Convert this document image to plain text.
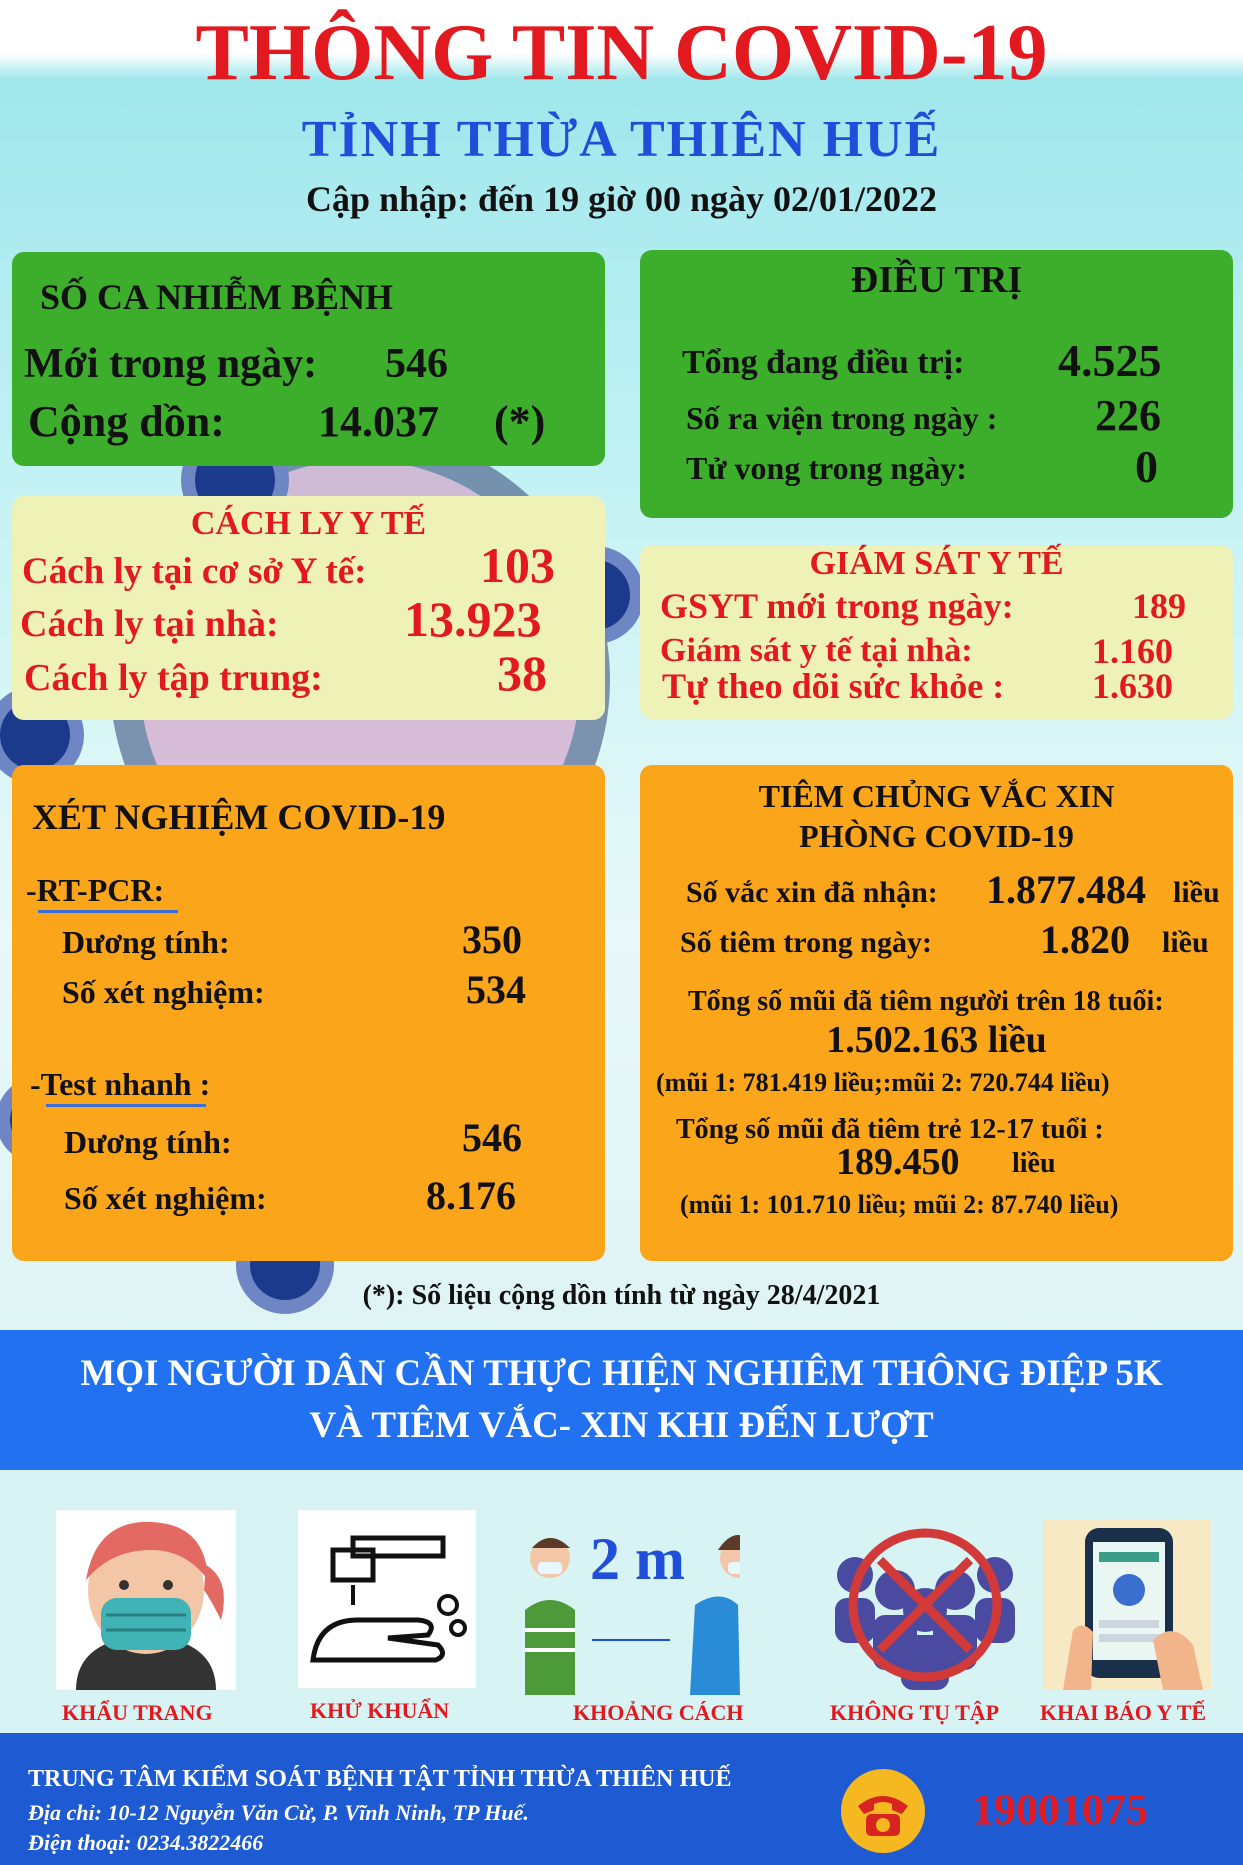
THÔNG TIN COVID-19
TỈNH THỪA THIÊN HUẾ
Cập nhập: đến 19 giờ 00 ngày 02/01/2022
SỐ CA NHIỄM BỆNH
Mới trong ngày: 546
Cộng dồn: 14.037 (*)
ĐIỀU TRỊ
Tổng đang điều trị: 4.525
Số ra viện trong ngày : 226
Tử vong trong ngày:	0
CÁCH LY Y TẾ
Cách ly tại cơ sở Y tế: 103
Cách ly tại nhà:	13.923
Cách ly tập trung:	38
GIÁM SÁT Y TẾ
GSYT mới trong ngày:	189
Giám sát y tế tại nhà:	1.160
Tự theo dõi sức khỏe : 1.630
XÉT NGHIỆM COVID-19
-RT-PCR:
Dương tính:	350
Số xét nghiệm:	534
-Test nhanh :
Dương tính:	546
Số xét nghiệm:	8.176
TIÊM CHỦNG VẮC XIN
PHÒNG COVID-19
Số vắc xin đã nhận: 1.877.484 liều
Số tiêm trong ngày:	1.820 liều
Tổng số mũi đã tiêm người trên 18 tuổi:
1.502.163 liều
(mũi 1: 781.419 liều;:mũi 2: 720.744 liều)
Tổng số mũi đã tiêm trẻ 12-17 tuổi :
189.450 liều
(mũi 1: 101.710 liều; mũi 2: 87.740 liều)
(*): Số liệu cộng dồn tính từ ngày 28/4/2021
MỌI NGƯỜI DÂN CẦN THỰC HIỆN NGHIÊM THÔNG ĐIỆP 5K
VÀ TIÊM VẮC- XIN KHI ĐẾN LƯỢT
2 m
KHẨU TRANG	KHỬ KHUẨN	KHOẢNG CÁCH	KHÔNG TỤ TẬP KHAI BÁO Y TẾ
TRUNG TÂM KIỂM SOÁT BỆNH TẬT TỈNH THỪA THIÊN HUẾ
Địa chỉ: 10-12 Nguyễn Văn Cừ, P. Vĩnh Ninh, TP Huế.
Điện thoại: 0234.3822466
19001075
